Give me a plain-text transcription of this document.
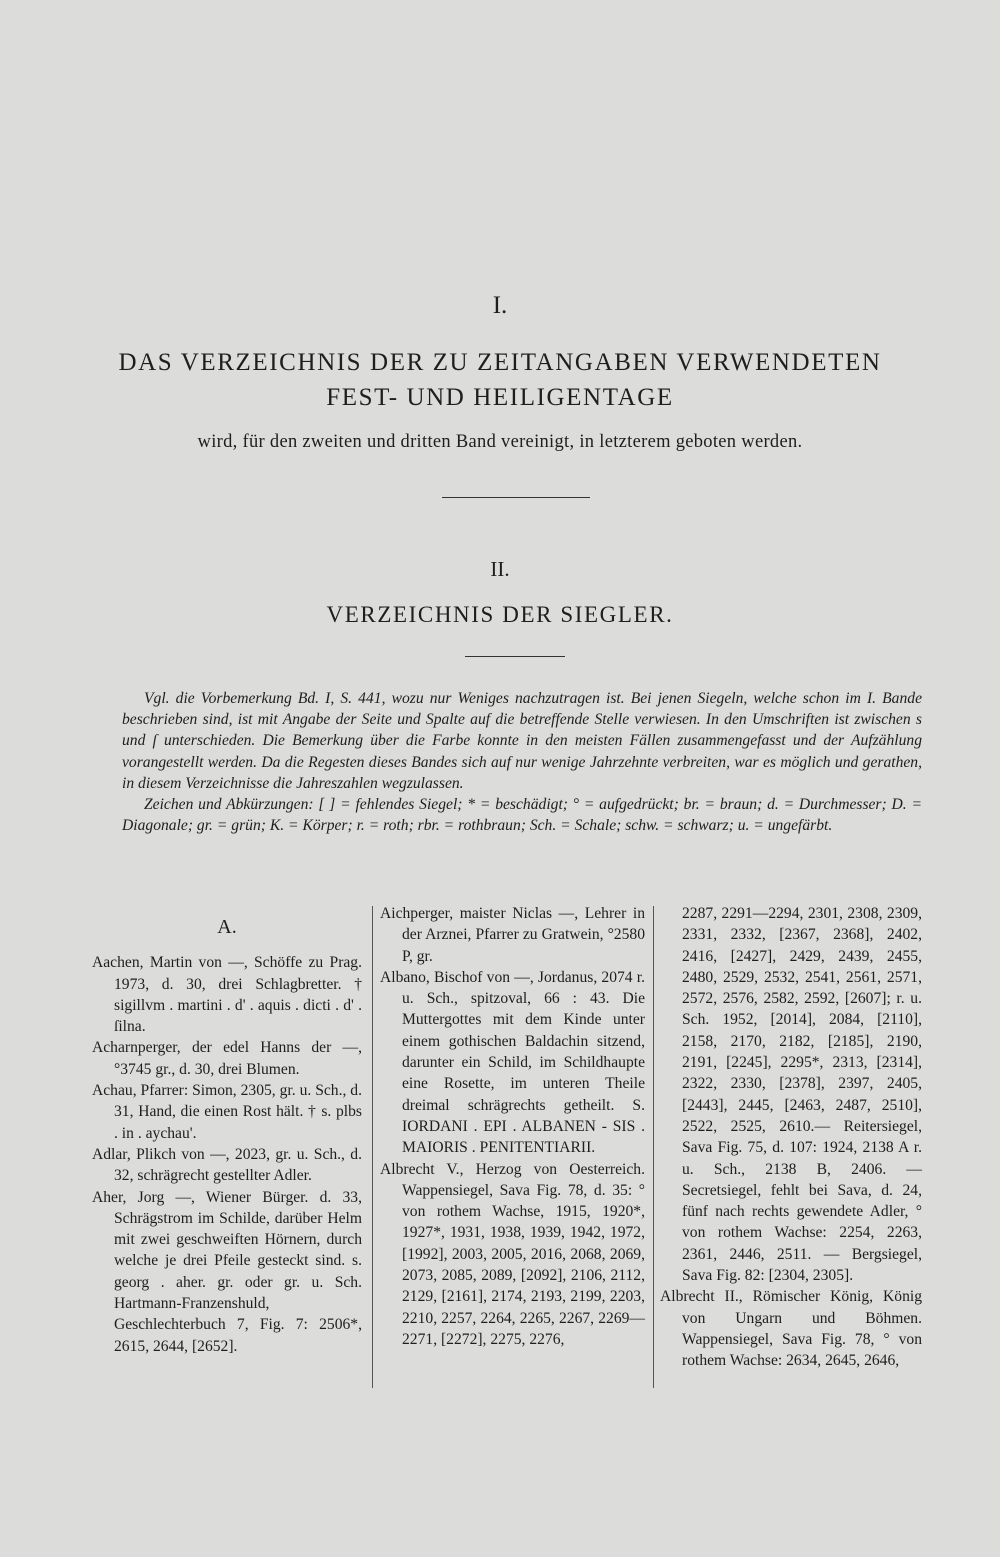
I.
DAS VERZEICHNIS DER ZU ZEITANGABEN VERWENDETEN
FEST- UND HEILIGENTAGE
wird, für den zweiten und dritten Band vereinigt, in letzterem geboten werden.
II.
VERZEICHNIS DER SIEGLER.

Vgl. die Vorbemerkung Bd. I, S. 441, wozu nur Weniges nachzutragen ist. Bei jenen Siegeln, welche schon im I. Bande beschrieben sind, ist mit Angabe der Seite und Spalte auf die betreffende Stelle verwiesen. In den Umschriften ist zwischen s und ſ unterschieden. Die Bemerkung über die Farbe konnte in den meisten Fällen zusammengefasst und der Aufzählung vorangestellt werden. Da die Regesten dieses Bandes sich auf nur wenige Jahrzehnte verbreiten, war es möglich und gerathen, in diesem Verzeichnisse die Jahreszahlen wegzulassen.

Zeichen und Abkürzungen: [ ] = fehlendes Siegel; * = beschädigt; ° = aufgedrückt; br. = braun; d. = Durchmesser; D. = Diagonale; gr. = grün; K. = Körper; r. = roth; rbr. = rothbraun; Sch. = Schale; schw. = schwarz; u. = ungefärbt.

A.

Aachen, Martin von —, Schöffe zu Prag. 1973, d. 30, drei Schlagbretter. † sigillvm . martini . d' . aquis . dicti . d' . ſilna.

Acharnperger, der edel Hanns der —, °3745 gr., d. 30, drei Blumen.

Achau, Pfarrer: Simon, 2305, gr. u. Sch., d. 31, Hand, die einen Rost hält. † s. plbs . in . aychau'.

Adlar, Plikch von —, 2023, gr. u. Sch., d. 32, schrägrecht gestellter Adler.

Aher, Jorg —, Wiener Bürger. d. 33, Schrägstrom im Schilde, darüber Helm mit zwei geschweiften Hörnern, durch welche je drei Pfeile gesteckt sind. s. georg . aher. gr. oder gr. u. Sch. Hartmann-Franzenshuld, Geschlechterbuch 7, Fig. 7: 2506*, 2615, 2644, [2652].

Aichperger, maister Niclas —, Lehrer in der Arznei, Pfarrer zu Gratwein, °2580 P, gr.

Albano, Bischof von —, Jordanus, 2074 r. u. Sch., spitzoval, 66 : 43. Die Muttergottes mit dem Kinde unter einem gothischen Baldachin sitzend, darunter ein Schild, im Schildhaupte eine Rosette, im unteren Theile dreimal schrägrechts getheilt. S. IORDANI . EPI . ALBANEN - SIS . MAIORIS . PENITENTIARII.

Albrecht V., Herzog von Oesterreich. Wappensiegel, Sava Fig. 78, d. 35: ° von rothem Wachse, 1915, 1920*, 1927*, 1931, 1938, 1939, 1942, 1972, [1992], 2003, 2005, 2016, 2068, 2069, 2073, 2085, 2089, [2092], 2106, 2112, 2129, [2161], 2174, 2193, 2199, 2203, 2210, 2257, 2264, 2265, 2267, 2269—2271, [2272], 2275, 2276,

2287, 2291—2294, 2301, 2308, 2309, 2331, 2332, [2367, 2368], 2402, 2416, [2427], 2429, 2439, 2455, 2480, 2529, 2532, 2541, 2561, 2571, 2572, 2576, 2582, 2592, [2607]; r. u. Sch. 1952, [2014], 2084, [2110], 2158, 2170, 2182, [2185], 2190, 2191, [2245], 2295*, 2313, [2314], 2322, 2330, [2378], 2397, 2405, [2443], 2445, [2463, 2487, 2510], 2522, 2525, 2610.— Reitersiegel, Sava Fig. 75, d. 107: 1924, 2138 A r. u. Sch., 2138 B, 2406. — Secretsiegel, fehlt bei Sava, d. 24, fünf nach rechts gewendete Adler, ° von rothem Wachse: 2254, 2263, 2361, 2446, 2511. — Bergsiegel, Sava Fig. 82: [2304, 2305].

Albrecht II., Römischer König, König von Ungarn und Böhmen. Wappensiegel, Sava Fig. 78, ° von rothem Wachse: 2634, 2645, 2646,
